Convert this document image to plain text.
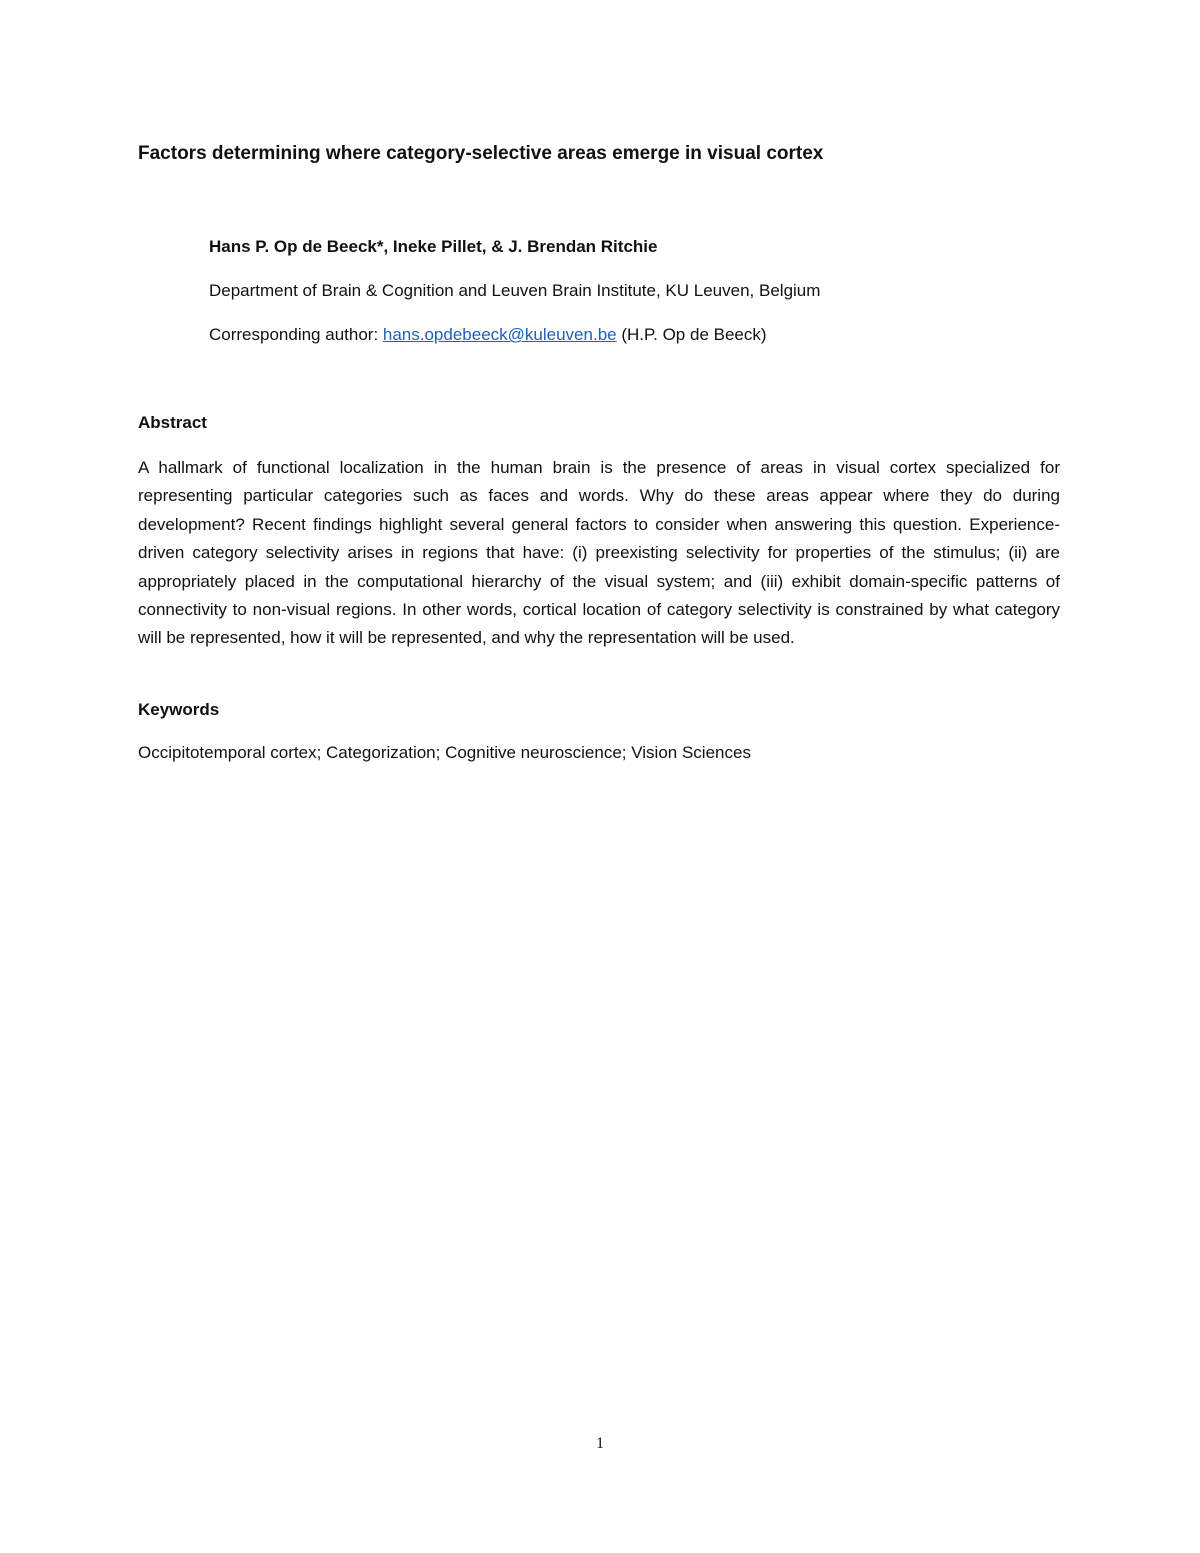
Factors determining where category-selective areas emerge in visual cortex
Hans P. Op de Beeck*, Ineke Pillet, & J. Brendan Ritchie
Department of Brain & Cognition and Leuven Brain Institute, KU Leuven, Belgium
Corresponding author: hans.opdebeeck@kuleuven.be (H.P. Op de Beeck)
Abstract
A hallmark of functional localization in the human brain is the presence of areas in visual cortex specialized for representing particular categories such as faces and words. Why do these areas appear where they do during development? Recent findings highlight several general factors to consider when answering this question. Experience-driven category selectivity arises in regions that have: (i) preexisting selectivity for properties of the stimulus; (ii) are appropriately placed in the computational hierarchy of the visual system; and (iii) exhibit domain-specific patterns of connectivity to non-visual regions. In other words, cortical location of category selectivity is constrained by what category will be represented, how it will be represented, and why the representation will be used.
Keywords
Occipitotemporal cortex; Categorization; Cognitive neuroscience; Vision Sciences
1
